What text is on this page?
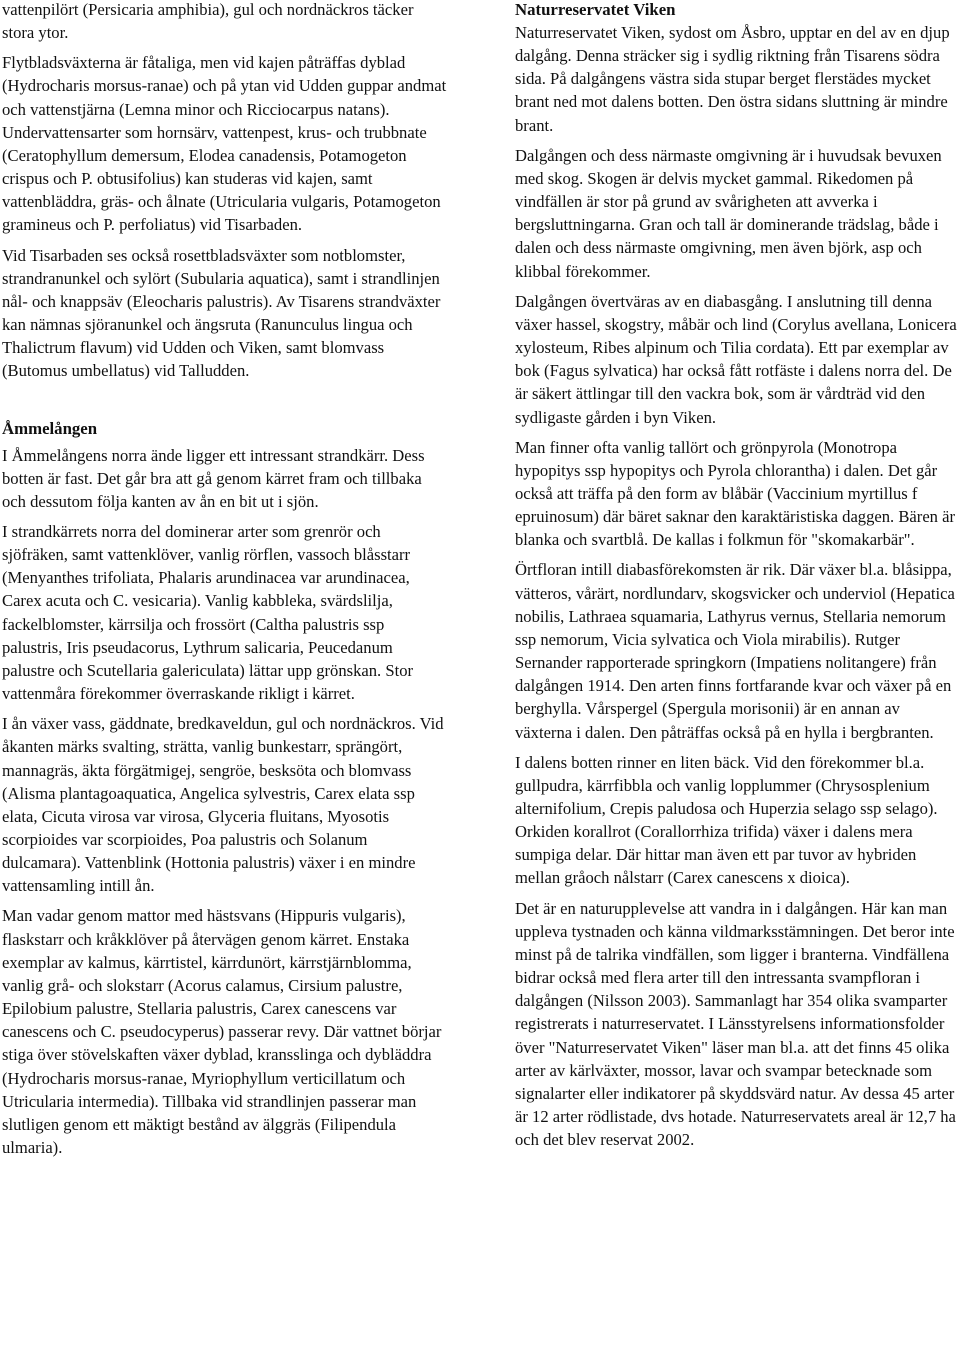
vattenpilört (Persicaria amphibia), gul och nordnäckros täcker stora ytor.

Flytbladsväxterna är fåtaliga, men vid kajen påträffas dyblad (Hydrocharis morsus-ranae) och på ytan vid Udden guppar andmat och vattenstjärna (Lemna minor och Ricciocarpus natans). Undervattensarter som hornsärv, vattenpest, krus- och trubbnate (Ceratophyllum demersum, Elodea canadensis, Potamogeton crispus och P. obtusifolius) kan studeras vid kajen, samt vattenbläddra, gräs- och ålnate (Utricularia vulgaris, Potamogeton gramineus och P. perfoliatus) vid Tisarbaden.

Vid Tisarbaden ses också rosettbladsväxter som notblomster, strandranunkel och sylört (Subularia aquatica), samt i strandlinjen nål- och knappsäv (Eleocharis palustris). Av Tisarens strandväxter kan nämnas sjöranunkel och ängsruta (Ranunculus lingua och Thalictrum flavum) vid Udden och Viken, samt blomvass (Butomus umbellatus) vid Talludden.

Åmmelången

I Åmmelångens norra ände ligger ett intressant strandkärr. Dess botten är fast. Det går bra att gå genom kärret fram och tillbaka och dessutom följa kanten av ån en bit ut i sjön.

I strandkärrets norra del dominerar arter som grenrör och sjöfräken, samt vattenklöver, vanlig rörflen, vassoch blåsstarr (Menyanthes trifoliata, Phalaris arundinacea var arundinacea, Carex acuta och C. vesicaria). Vanlig kabbleka, svärdslilja, fackelblomster, kärrsilja och frossört (Caltha palustris ssp palustris, Iris pseudacorus, Lythrum salicaria, Peucedanum palustre och Scutellaria galericulata) lättar upp grönskan. Stor vattenmåra förekommer överraskande rikligt i kärret.

I ån växer vass, gäddnate, bredkaveldun, gul och nordnäckros. Vid åkanten märks svalting, strätta, vanlig bunkestarr, sprängört, mannagräs, äkta förgätmigej, sengröe, besksöta och blomvass (Alisma plantagoaquatica, Angelica sylvestris, Carex elata ssp elata, Cicuta virosa var virosa, Glyceria fluitans, Myosotis scorpioides var scorpioides, Poa palustris och Solanum dulcamara). Vattenblink (Hottonia palustris) växer i en mindre vattensamling intill ån.

Man vadar genom mattor med hästsvans (Hippuris vulgaris), flaskstarr och kråkklöver på återvägen genom kärret. Enstaka exemplar av kalmus, kärrtistel, kärrdunört, kärrstjärnblomma, vanlig grå- och slokstarr (Acorus calamus, Cirsium palustre, Epilobium palustre, Stellaria palustris, Carex canescens var canescens och C. pseudocyperus) passerar revy. Där vattnet börjar stiga över stövelskaften växer dyblad, kransslinga och dybläddra (Hydrocharis morsus-ranae, Myriophyllum verticillatum och Utricularia intermedia). Tillbaka vid strandlinjen passerar man slutligen genom ett mäktigt bestånd av älggräs (Filipendula ulmaria).

Naturreservatet Viken

Naturreservatet Viken, sydost om Åsbro, upptar en del av en djup dalgång. Denna sträcker sig i sydlig riktning från Tisarens södra sida. På dalgångens västra sida stupar berget flerstädes mycket brant ned mot dalens botten. Den östra sidans sluttning är mindre brant.

Dalgången och dess närmaste omgivning är i huvudsak bevuxen med skog. Skogen är delvis mycket gammal. Rikedomen på vindfällen är stor på grund av svårigheten att avverka i bergsluttningarna. Gran och tall är dominerande trädslag, både i dalen och dess närmaste omgivning, men även björk, asp och klibbal förekommer.

Dalgången övertväras av en diabasgång. I anslutning till denna växer hassel, skogstry, måbär och lind (Corylus avellana, Lonicera xylosteum, Ribes alpinum och Tilia cordata). Ett par exemplar av bok (Fagus sylvatica) har också fått rotfäste i dalens norra del. De är säkert ättlingar till den vackra bok, som är vårdträd vid den sydligaste gården i byn Viken.

Man finner ofta vanlig tallört och grönpyrola (Monotropa hypopitys ssp hypopitys och Pyrola chlorantha) i dalen. Det går också att träffa på den form av blåbär (Vaccinium myrtillus f epruinosum) där bäret saknar den karaktäristiska daggen. Bären är blanka och svartblå. De kallas i folkmun för "skomakarbär".

Örtfloran intill diabasförekomsten är rik. Där växer bl.a. blåsippa, vätteros, vårärt, nordlundarv, skogsvicker och underviol (Hepatica nobilis, Lathraea squamaria, Lathyrus vernus, Stellaria nemorum ssp nemorum, Vicia sylvatica och Viola mirabilis). Rutger Sernander rapporterade springkorn (Impatiens nolitangere) från dalgången 1914. Den arten finns fortfarande kvar och växer på en berghylla. Vårspergel (Spergula morisonii) är en annan av växterna i dalen. Den påträffas också på en hylla i bergbranten.

I dalens botten rinner en liten bäck. Vid den förekommer bl.a. gullpudra, kärrfibbla och vanlig lopplummer (Chrysosplenium alternifolium, Crepis paludosa och Huperzia selago ssp selago). Orkiden korallrot (Corallorrhiza trifida) växer i dalens mera sumpiga delar. Där hittar man även ett par tuvor av hybriden mellan gråoch nålstarr (Carex canescens x dioica).

Det är en naturupplevelse att vandra in i dalgången. Här kan man uppleva tystnaden och känna vildmarksstämningen. Det beror inte minst på de talrika vindfällen, som ligger i branterna. Vindfällena bidrar också med flera arter till den intressanta svampfloran i dalgången (Nilsson 2003). Sammanlagt har 354 olika svamparter registrerats i naturreservatet. I Länsstyrelsens informationsfolder över "Naturreservatet Viken" läser man bl.a. att det finns 45 olika arter av kärlväxter, mossor, lavar och svampar betecknade som signalarter eller indikatorer på skyddsvärd natur. Av dessa 45 arter är 12 arter rödlistade, dvs hotade. Naturreservatets areal är 12,7 ha och det blev reservat 2002.
